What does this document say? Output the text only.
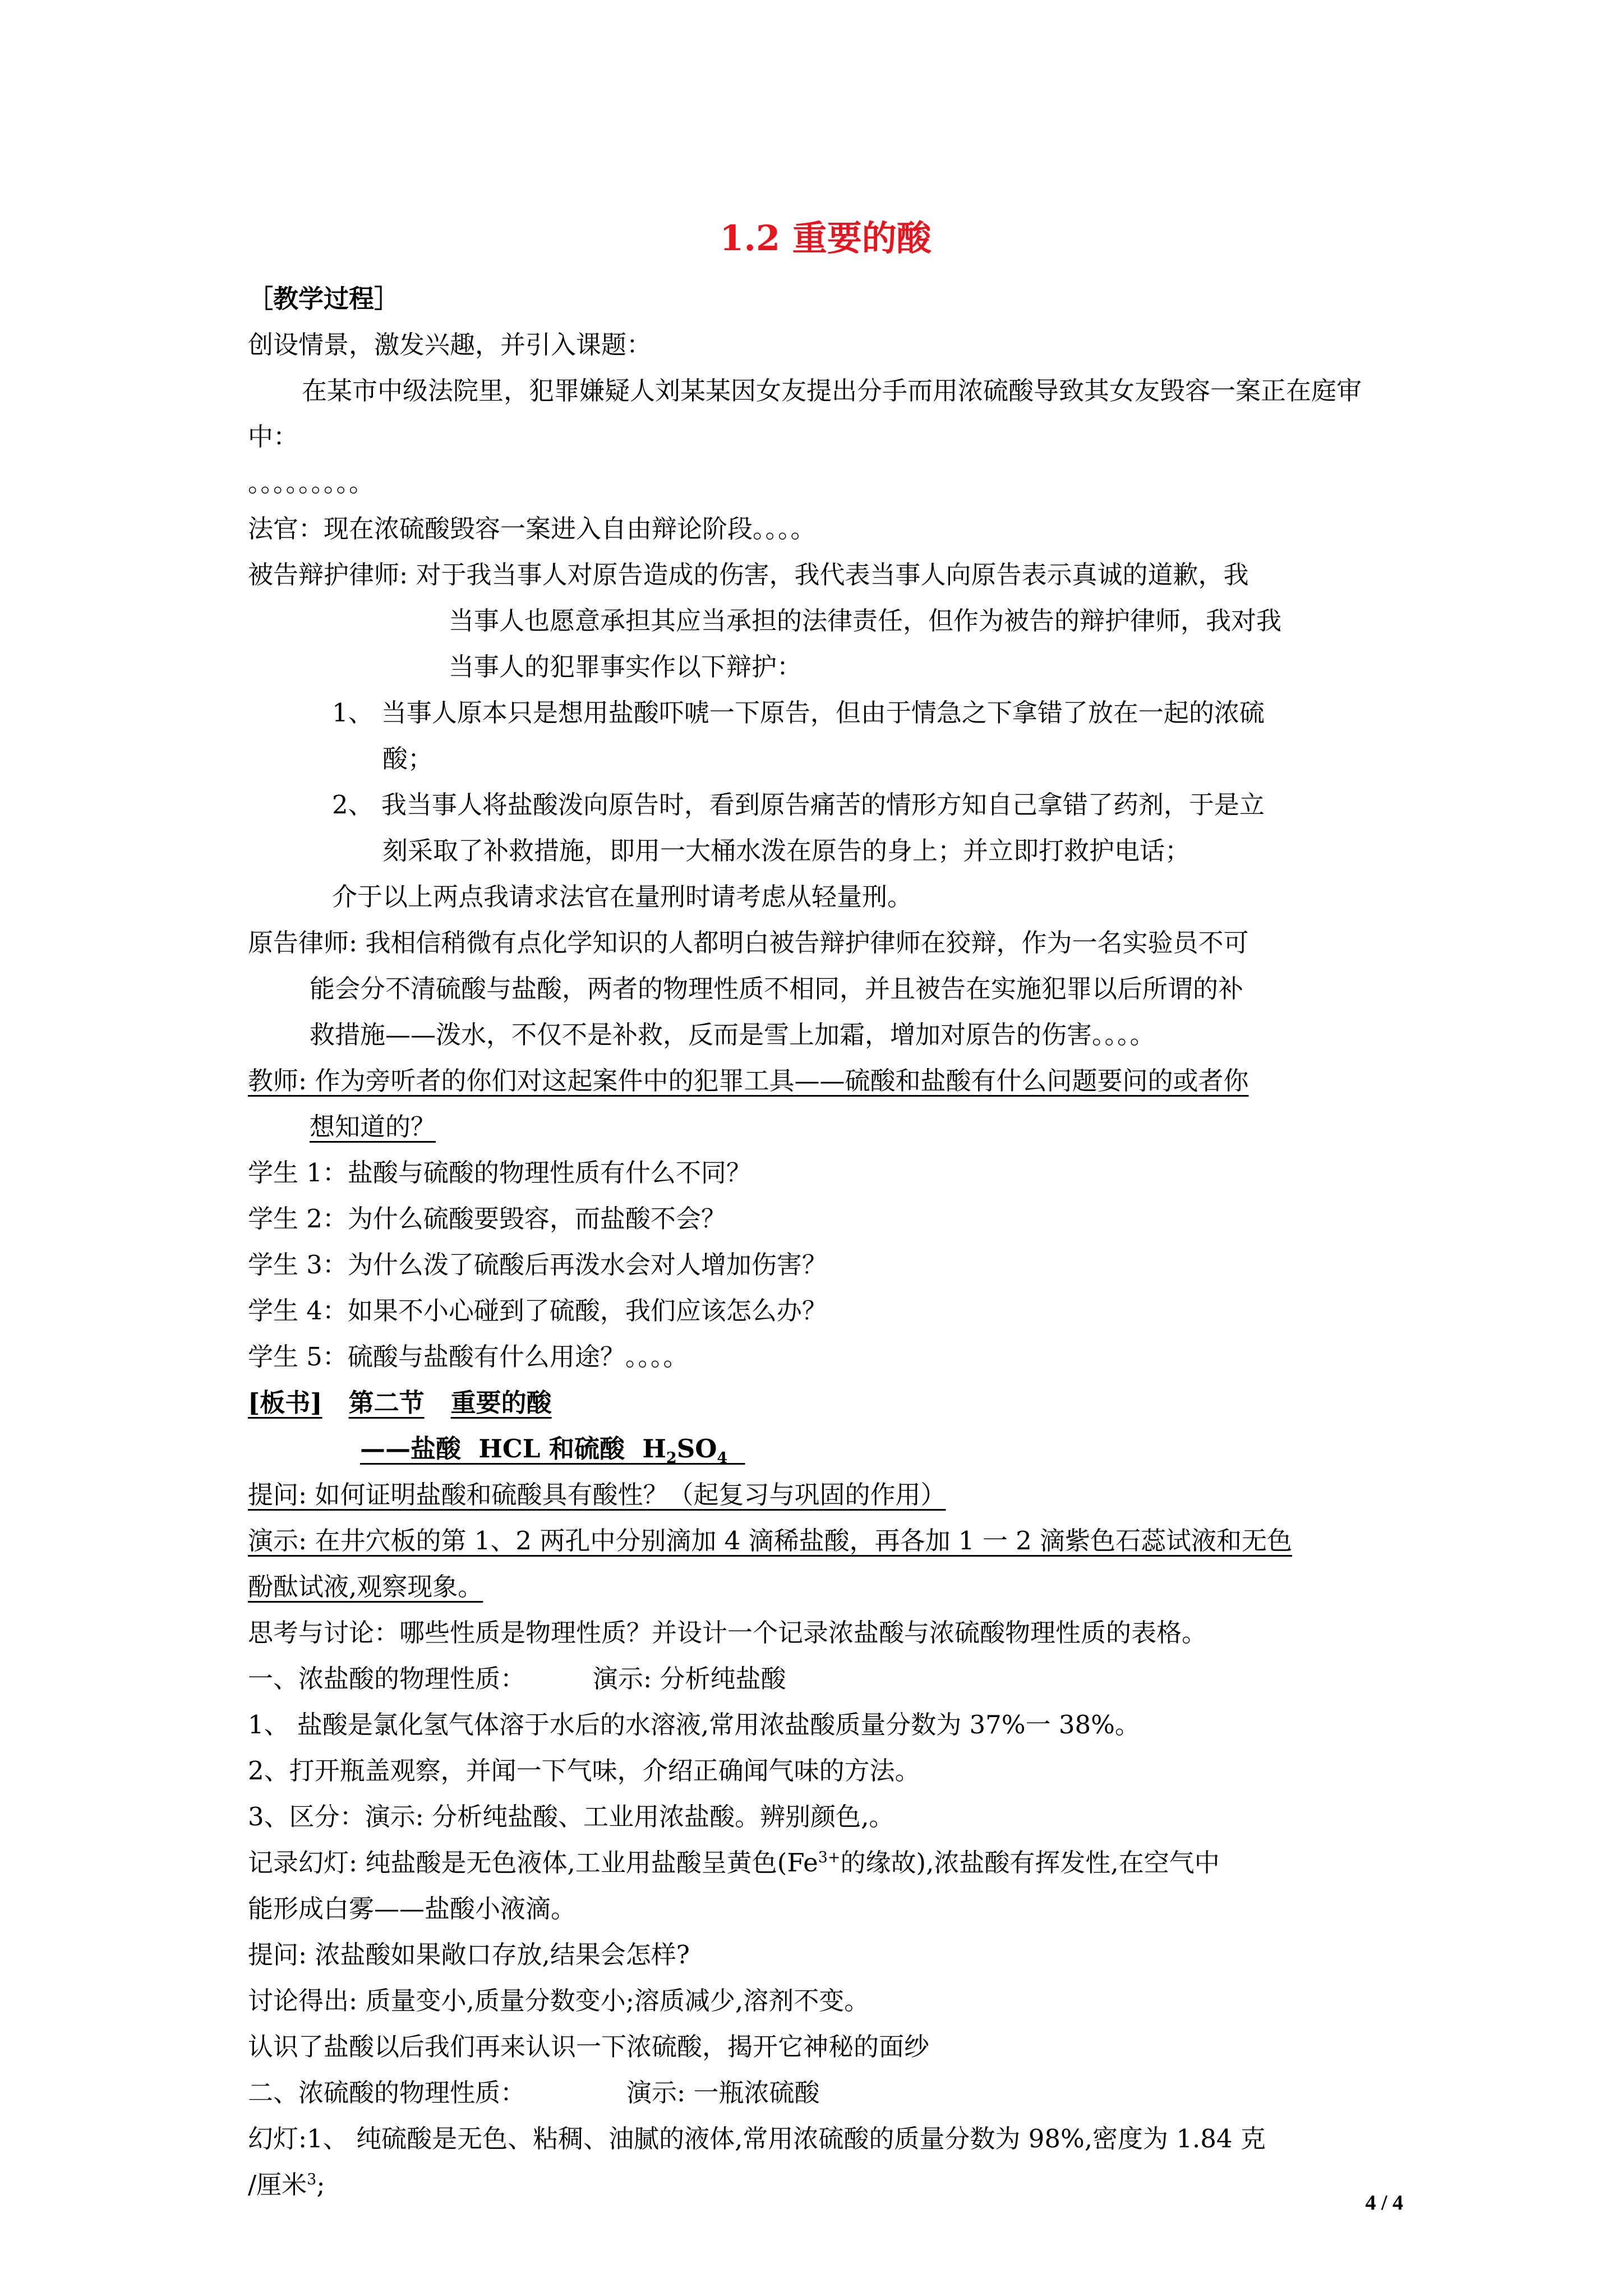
1.2 重要的酸

［教学过程］

创设情景，激发兴趣，并引入课题：

在某市中级法院里，犯罪嫌疑人刘某某因女友提出分手而用浓硫酸导致其女友毁容一案正在庭审中：

。。。。。。。。。

法官：现在浓硫酸毁容一案进入自由辩论阶段。。。。

被告辩护律师: 对于我当事人对原告造成的伤害，我代表当事人向原告表示真诚的道歉，我

当事人也愿意承担其应当承担的法律责任，但作为被告的辩护律师，我对我

当事人的犯罪事实作以下辩护：

1、 当事人原本只是想用盐酸吓唬一下原告，但由于情急之下拿错了放在一起的浓硫

酸；

2、 我当事人将盐酸泼向原告时，看到原告痛苦的情形方知自己拿错了药剂，于是立

刻采取了补救措施，即用一大桶水泼在原告的身上；并立即打救护电话；

介于以上两点我请求法官在量刑时请考虑从轻量刑。

原告律师: 我相信稍微有点化学知识的人都明白被告辩护律师在狡辩，作为一名实验员不可

能会分不清硫酸与盐酸，两者的物理性质不相同，并且被告在实施犯罪以后所谓的补

救措施——泼水，不仅不是补救，反而是雪上加霜，增加对原告的伤害。。。。

教师: 作为旁听者的你们对这起案件中的犯罪工具——硫酸和盐酸有什么问题要问的或者你

想知道的？

学生 1：盐酸与硫酸的物理性质有什么不同？

学生 2：为什么硫酸要毁容，而盐酸不会？

学生 3：为什么泼了硫酸后再泼水会对人增加伤害？

学生 4：如果不小心碰到了硫酸，我们应该怎么办？

学生 5：硫酸与盐酸有什么用途？。。。。

[板书] 第二节 重要的酸

——盐酸 HCL 和硫酸 $H_2SO_4$

提问: 如何证明盐酸和硫酸具有酸性？（起复习与巩固的作用）

演示: 在井穴板的第 1、2 两孔中分别滴加 4 滴稀盐酸，再各加 1 一 2 滴紫色石蕊试液和无色

酚酞试液,观察现象。

思考与讨论：哪些性质是物理性质？并设计一个记录浓盐酸与浓硫酸物理性质的表格。

一、浓盐酸的物理性质：	演示: 分析纯盐酸

1、 盐酸是氯化氢气体溶于水后的水溶液,常用浓盐酸质量分数为 37%一 38%。

2、打开瓶盖观察，并闻一下气味，介绍正确闻气味的方法。

3、区分：演示: 分析纯盐酸、工业用浓盐酸。辨别颜色,。

记录幻灯: 纯盐酸是无色液体,工业用盐酸呈黄色($Fe^{3+}$的缘故),浓盐酸有挥发性,在空气中

能形成白雾——盐酸小液滴。

提问: 浓盐酸如果敞口存放,结果会怎样?

讨论得出: 质量变小,质量分数变小;溶质减少,溶剂不变。

认识了盐酸以后我们再来认识一下浓硫酸，揭开它神秘的面纱

二、浓硫酸的物理性质：	演示: 一瓶浓硫酸

幻灯:1、 纯硫酸是无色、粘稠、油腻的液体,常用浓硫酸的质量分数为 98%,密度为 1.84 克

/厘米$^3$;

4 / 4
